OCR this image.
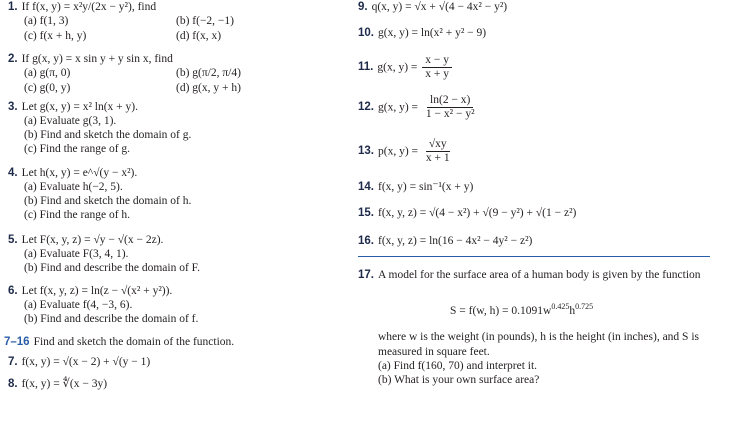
1. If f(x, y) = x²y/(2x − y²), find
(a) f(1, 3)	(b) f(−2, −1)
(c) f(x + h, y)	(d) f(x, x)
2. If g(x, y) = x sin y + y sin x, find
(a) g(π, 0)	(b) g(π/2, π/4)
(c) g(0, y)	(d) g(x, y + h)
3. Let g(x, y) = x² ln(x + y).
(a) Evaluate g(3, 1).
(b) Find and sketch the domain of g.
(c) Find the range of g.
4. Let h(x, y) = e^√(y − x²).
(a) Evaluate h(−2, 5).
(b) Find and sketch the domain of h.
(c) Find the range of h.
5. Let F(x, y, z) = √y − √(x − 2z).
(a) Evaluate F(3, 4, 1).
(b) Find and describe the domain of F.
6. Let f(x, y, z) = ln(z − √(x² + y²)).
(a) Evaluate f(4, −3, 6).
(b) Find and describe the domain of f.
7–16 Find and sketch the domain of the function.
7. f(x, y) = √(x − 2) + √(y − 1)
8. f(x, y) = ∜(x − 3y)
9. q(x, y) = √x + √(4 − 4x² − y²)
10. g(x, y) = ln(x² + y² − 9)
11. g(x, $y) = \frac{x - y}{x + y}$
12. g(x, $y) = \frac{\ln(2 - x)}{\text{1 − x² − y²}}$
13. p(x, $y) = \frac{√xy}{x + 1}$
14. f(x, y) = sin⁻¹(x + y)
15. f(x, y, z) = √(4 − x²) + √(9 − y²) + √(1 − z²)
16. f(x, y, z) = ln(16 − 4x² − 4y² − z²)
17. A model for the surface area of a human body is given by the function
S = f(w, $h) = 0.1091w^{0.425}h^{0.725}$
where w is the weight (in pounds), h is the height (in inches), and S is measured in square feet.
(a) Find f(160, 70) and interpret it.
(b) What is your own surface area?
